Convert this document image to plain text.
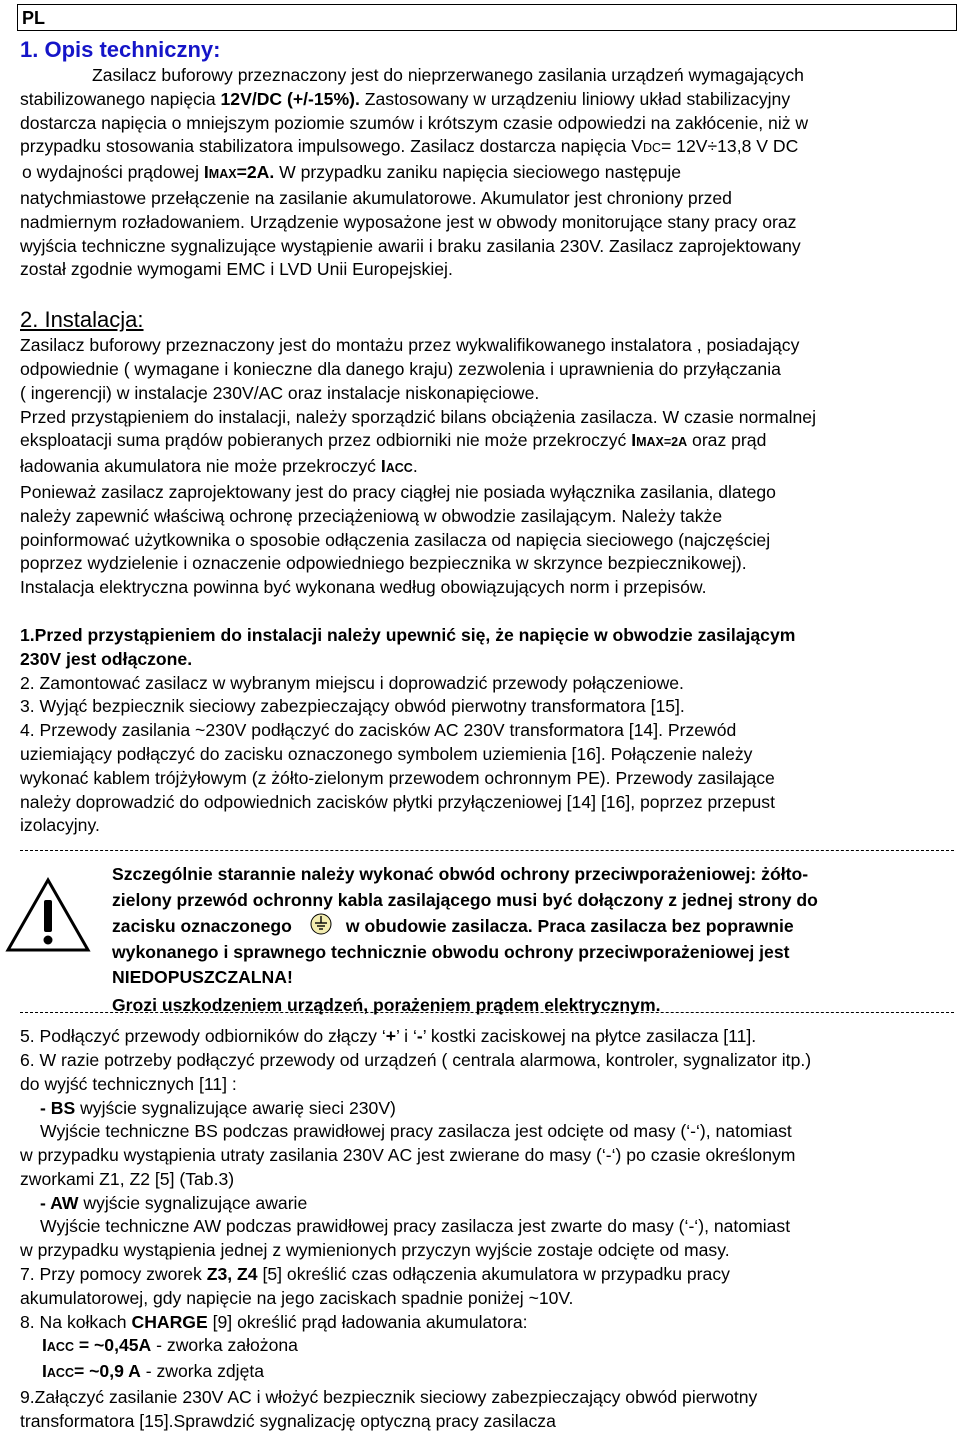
PL
1. Opis techniczny:
Zasilacz buforowy przeznaczony jest do nieprzerwanego zasilania urządzeń wymagających
stabilizowanego napięcia 12V/DC (+/-15%). Zastosowany w urządzeniu liniowy układ stabilizacyjny
dostarcza napięcia o mniejszym poziomie szumów i krótszym czasie odpowiedzi na zakłócenie, niż w
przypadku stosowania stabilizatora impulsowego. Zasilacz dostarcza napięcia VDC= 12V÷13,8 V DC
o wydajności prądowej IMAX=2A. W przypadku zaniku napięcia sieciowego następuje
natychmiastowe przełączenie na zasilanie akumulatorowe. Akumulator jest chroniony przed
nadmiernym rozładowaniem. Urządzenie wyposażone jest w obwody monitorujące stany pracy oraz
wyjścia techniczne sygnalizujące wystąpienie awarii i braku zasilania 230V. Zasilacz zaprojektowany
został zgodnie wymogami EMC i LVD Unii Europejskiej.
2. Instalacja:
Zasilacz buforowy przeznaczony jest do montażu przez wykwalifikowanego instalatora , posiadający
odpowiednie ( wymagane i konieczne dla danego kraju) zezwolenia i uprawnienia do przyłączania
( ingerencji) w instalacje 230V/AC oraz instalacje niskonapięciowe.
Przed przystąpieniem do instalacji, należy sporządzić bilans obciążenia zasilacza. W czasie normalnej
eksploatacji suma prądów pobieranych przez odbiorniki nie może przekroczyć IMAX=2A oraz prąd
ładowania akumulatora nie może przekroczyć IACC.
Ponieważ zasilacz zaprojektowany jest do pracy ciągłej nie posiada wyłącznika zasilania, dlatego
należy zapewnić właściwą ochronę przeciążeniową w obwodzie zasilającym. Należy także
poinformować użytkownika o sposobie odłączenia zasilacza od napięcia sieciowego (najczęściej
poprzez wydzielenie i oznaczenie odpowiedniego bezpiecznika w skrzynce bezpiecznikowej).
Instalacja elektryczna powinna być wykonana według obowiązujących norm i przepisów.
1.Przed przystąpieniem do instalacji należy upewnić się, że napięcie w obwodzie zasilającym
230V jest odłączone.
2. Zamontować zasilacz w wybranym miejscu i doprowadzić przewody połączeniowe.
3. Wyjąć bezpiecznik sieciowy zabezpieczający obwód pierwotny transformatora [15].
4. Przewody zasilania ~230V podłączyć do zacisków AC 230V transformatora [14]. Przewód
uziemiający podłączyć do zacisku oznaczonego symbolem uziemienia [16]. Połączenie należy
wykonać kablem trójżyłowym (z żółto-zielonym przewodem ochronnym PE). Przewody zasilające
należy doprowadzić do odpowiednich zacisków płytki przyłączeniowej [14] [16], poprzez przepust
izolacyjny.
Szczególnie starannie należy wykonać obwód ochrony przeciwporażeniowej: żółto-
zielony przewód ochronny kabla zasilającego musi być dołączony z jednej strony do
zacisku oznaczonego	w obudowie zasilacza. Praca zasilacza bez poprawnie
wykonanego i sprawnego technicznie obwodu ochrony przeciwporażeniowej jest
NIEDOPUSZCZALNA!
Grozi uszkodzeniem urządzeń, porażeniem prądem elektrycznym.
5. Podłączyć przewody odbiorników do złączy ‘+’ i ‘-’ kostki zaciskowej na płytce zasilacza [11].
6. W razie potrzeby podłączyć przewody od urządzeń ( centrala alarmowa, kontroler, sygnalizator itp.)
do wyjść technicznych [11] :
- BS wyjście sygnalizujące awarię sieci 230V)
Wyjście techniczne BS podczas prawidłowej pracy zasilacza jest odcięte od masy (‘-‘), natomiast
w przypadku wystąpienia utraty zasilania 230V AC jest zwierane do masy (‘-‘) po czasie określonym
zworkami Z1, Z2 [5] (Tab.3)
- AW wyjście sygnalizujące awarie
Wyjście techniczne AW podczas prawidłowej pracy zasilacza jest zwarte do masy (‘-‘), natomiast
w przypadku wystąpienia jednej z wymienionych przyczyn wyjście zostaje odcięte od masy.
7. Przy pomocy zworek Z3, Z4 [5] określić czas odłączenia akumulatora w przypadku pracy
akumulatorowej, gdy napięcie na jego zaciskach spadnie poniżej ~10V.
8. Na kołkach CHARGE [9] określić prąd ładowania akumulatora:
IACC = ~0,45A - zworka założona
IACC= ~0,9 A - zworka zdjęta
9.Załączyć zasilanie 230V AC i włożyć bezpiecznik sieciowy zabezpieczający obwód pierwotny
transformatora [15].Sprawdzić sygnalizację optyczną pracy zasilacza
